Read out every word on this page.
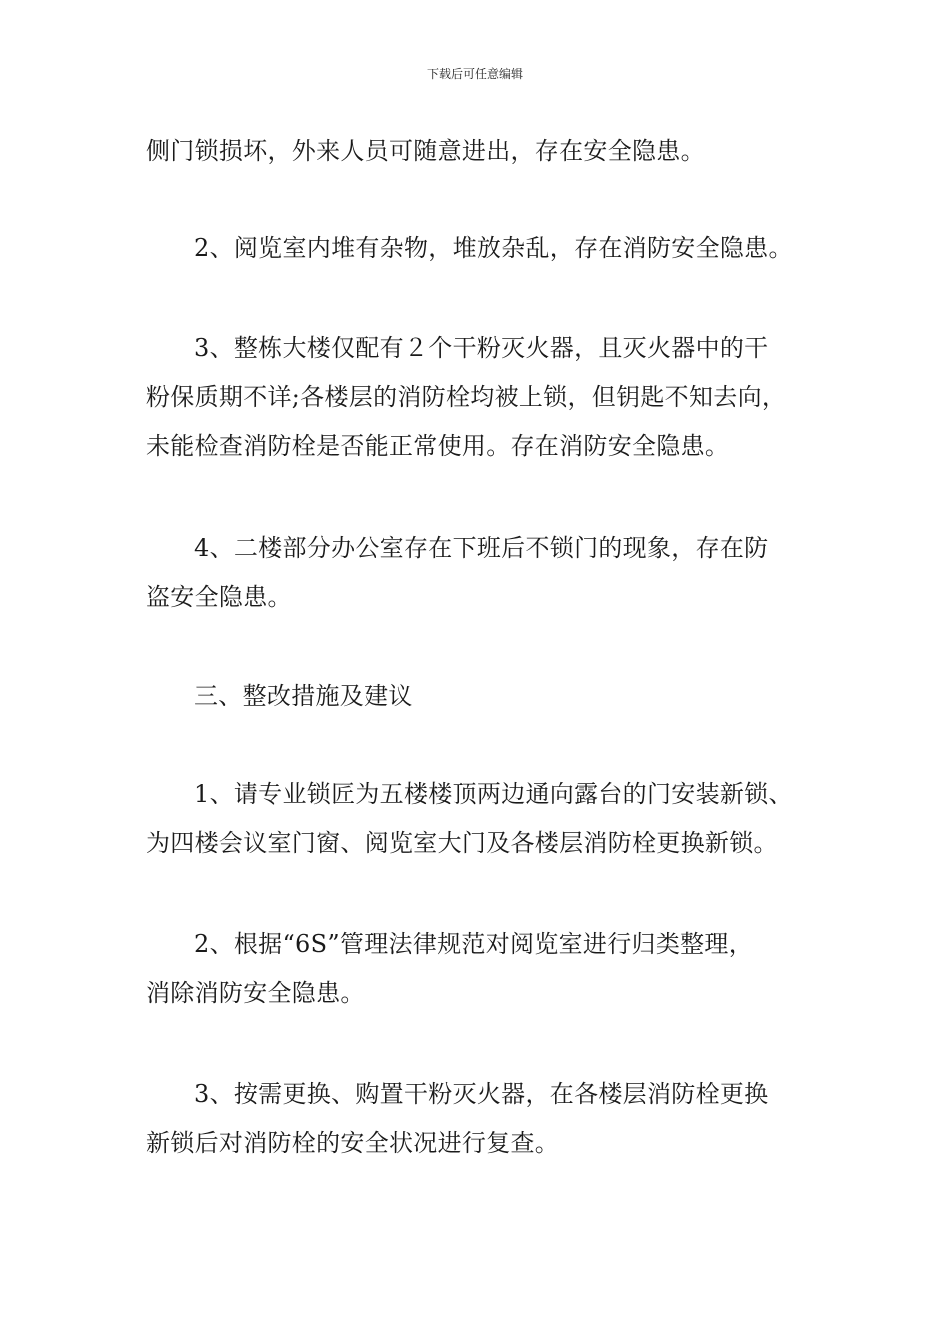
下载后可任意编辑
侧门锁损坏，外来人员可随意进出，存在安全隐患。
2、阅览室内堆有杂物，堆放杂乱，存在消防安全隐患。
3、整栋大楼仅配有２个干粉灭火器，且灭火器中的干
粉保质期不详;各楼层的消防栓均被上锁，但钥匙不知去向，
未能检查消防栓是否能正常使用。存在消防安全隐患。
4、二楼部分办公室存在下班后不锁门的现象，存在防
盗安全隐患。
三、整改措施及建议
1、请专业锁匠为五楼楼顶两边通向露台的门安装新锁、
为四楼会议室门窗、阅览室大门及各楼层消防栓更换新锁。
2、根据“6S”管理法律规范对阅览室进行归类整理，
消除消防安全隐患。
3、按需更换、购置干粉灭火器，在各楼层消防栓更换
新锁后对消防栓的安全状况进行复查。
